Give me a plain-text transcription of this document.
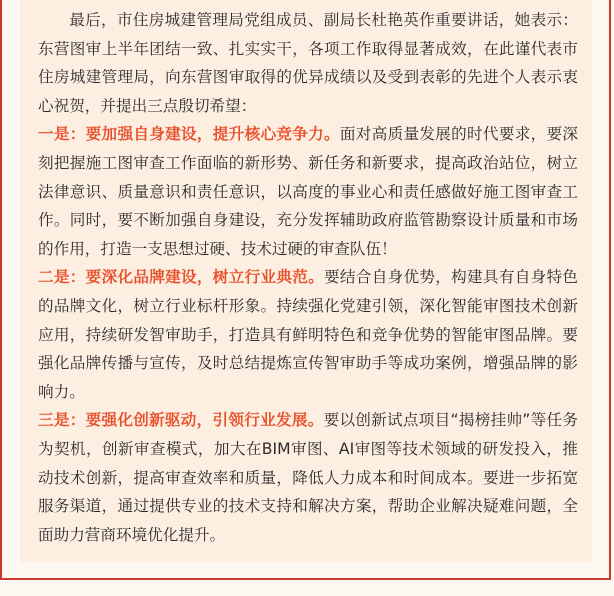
最后，市住房城建管理局党组成员、副局长杜艳英作重要讲话，她表示：东营图审上半年团结一致、扎实实干，各项工作取得显著成效，在此谨代表市住房城建管理局，向东营图审取得的优异成绩以及受到表彰的先进个人表示衷心祝贺，并提出三点殷切希望：

一是：要加强自身建设，提升核心竞争力。面对高质量发展的时代要求，要深刻把握施工图审查工作面临的新形势、新任务和新要求，提高政治站位，树立法律意识、质量意识和责任意识，以高度的事业心和责任感做好施工图审查工作。同时，要不断加强自身建设，充分发挥辅助政府监管勘察设计质量和市场的作用，打造一支思想过硬、技术过硬的审查队伍！

二是：要深化品牌建设，树立行业典范。要结合自身优势，构建具有自身特色的品牌文化，树立行业标杆形象。持续强化党建引领，深化智能审图技术创新应用，持续研发智审助手，打造具有鲜明特色和竞争优势的智能审图品牌。要强化品牌传播与宣传，及时总结提炼宣传智审助手等成功案例，增强品牌的影响力。

三是：要强化创新驱动，引领行业发展。要以创新试点项目“揭榜挂帅”等任务为契机，创新审查模式，加大在BIM审图、AI审图等技术领域的研发投入，推动技术创新，提高审查效率和质量，降低人力成本和时间成本。要进一步拓宽服务渠道，通过提供专业的技术支持和解决方案，帮助企业解决疑难问题，全面助力营商环境优化提升。
